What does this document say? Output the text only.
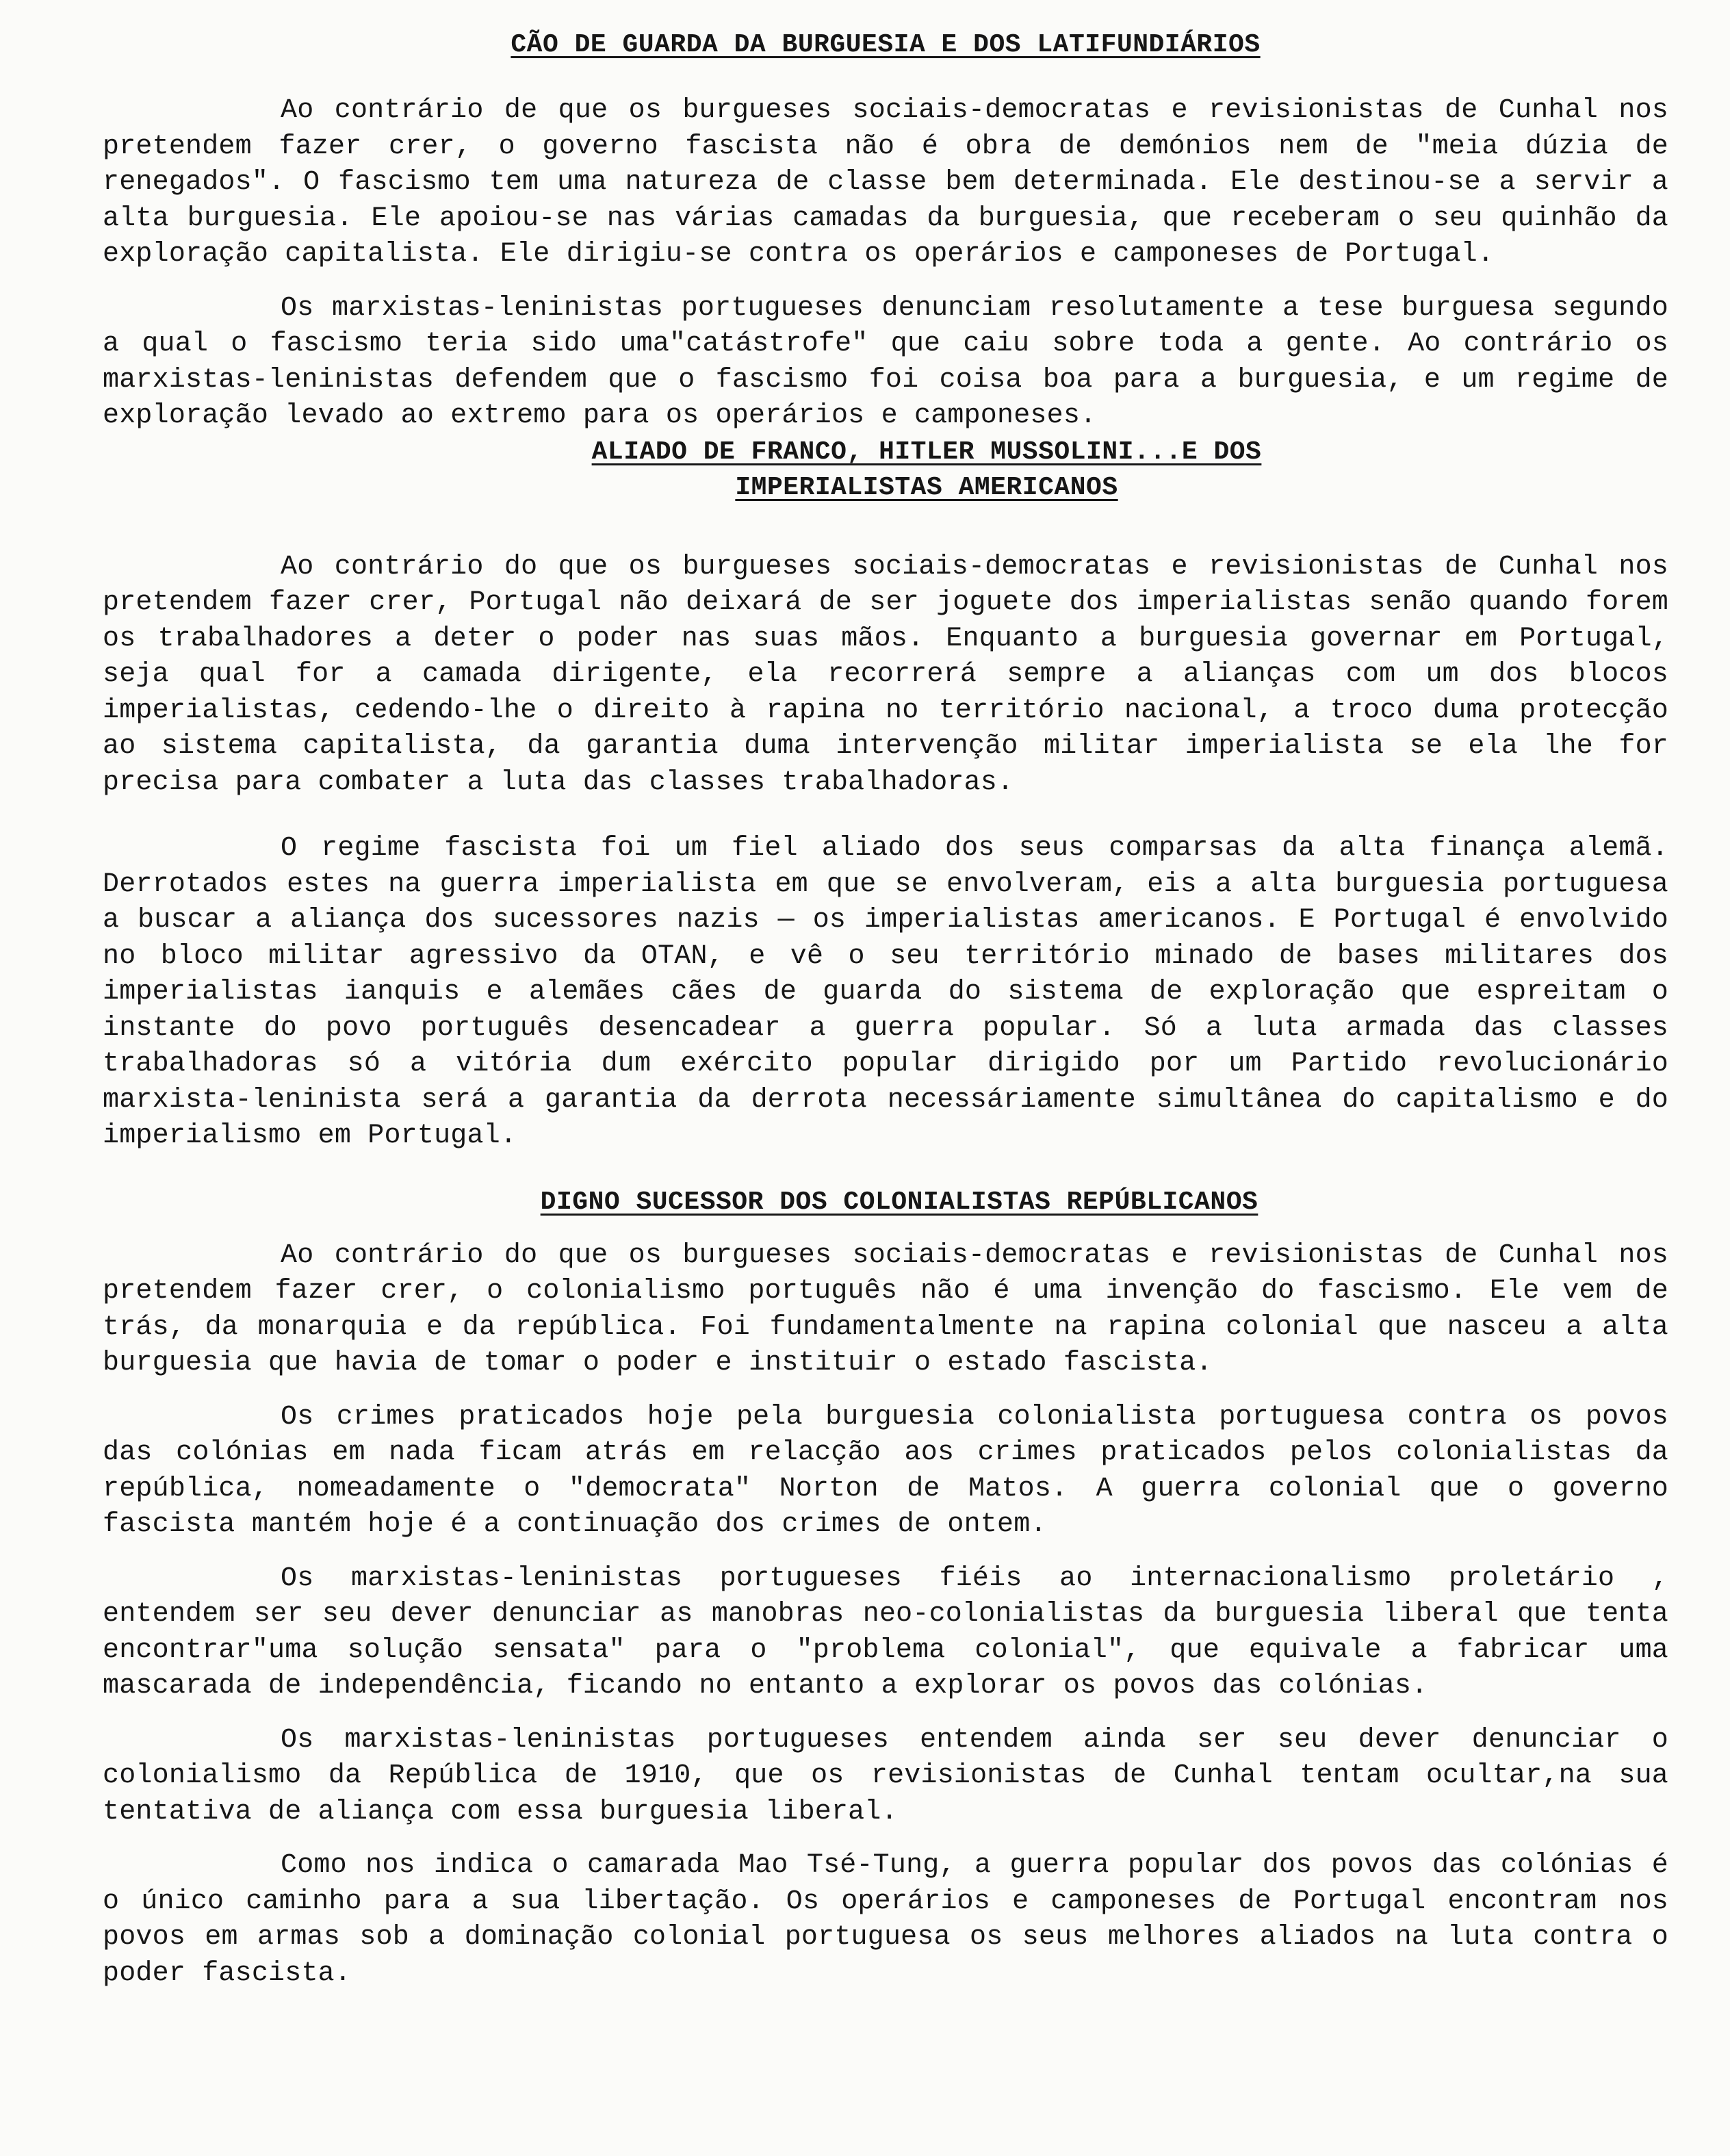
CÃO DE GUARDA DA BURGUESIA E DOS LATIFUNDIÁRIOS

Ao contrário de que os burgueses sociais-democratas e revisionistas de Cunhal nos pretendem fazer crer, o governo fascista não é obra de demónios nem de "meia dúzia de renegados". O fascismo tem uma natureza de classe bem determinada. Ele destinou-se a servir a alta burguesia. Ele apoiou-se nas várias camadas da burguesia, que receberam o seu quinhão da exploração capitalista. Ele dirigiu-se contra os operários e camponeses de Portugal.

Os marxistas-leninistas portugueses denunciam resolutamente a tese burguesa segundo a qual o fascismo teria sido uma"catástrofe" que caiu sobre toda a gente. Ao contrário os marxistas-leninistas defendem que o fascismo foi coisa boa para a burguesia, e um regime de exploração levado ao extremo para os operários e camponeses.

ALIADO DE FRANCO, HITLER MUSSOLINI...E DOS
IMPERIALISTAS AMERICANOS

Ao contrário do que os burgueses sociais-democratas e revisionistas de Cunhal nos pretendem fazer crer, Portugal não deixará de ser joguete dos imperialistas senão quando forem os trabalhadores a deter o poder nas suas mãos. Enquanto a burguesia governar em Portugal, seja qual for a camada dirigente, ela recorrerá sempre a alianças com um dos blocos imperialistas, cedendo-lhe o direito à rapina no território nacional, a troco duma protecção ao sistema capitalista, da garantia duma intervenção militar imperialista se ela lhe for precisa para combater a luta das classes trabalhadoras.

O regime fascista foi um fiel aliado dos seus comparsas da alta finança alemã. Derrotados estes na guerra imperialista em que se envolveram, eis a alta burguesia portuguesa a buscar a aliança dos sucessores nazis — os imperialistas americanos. E Portugal é envolvido no bloco militar agressivo da OTAN, e vê o seu território minado de bases militares dos imperialistas ianquis e alemães cães de guarda do sistema de exploração que espreitam o instante do povo português desencadear a guerra popular. Só a luta armada das classes trabalhadoras só a vitória dum exército popular dirigido por um Partido revolucionário marxista-leninista será a garantia da derrota necessáriamente simultânea do capitalismo e do imperialismo em Portugal.

DIGNO SUCESSOR DOS COLONIALISTAS REPÚBLICANOS

Ao contrário do que os burgueses sociais-democratas e revisionistas de Cunhal nos pretendem fazer crer, o colonialismo português não é uma invenção do fascismo. Ele vem de trás, da monarquia e da república. Foi fundamentalmente na rapina colonial que nasceu a alta burguesia que havia de tomar o poder e instituir o estado fascista.

Os crimes praticados hoje pela burguesia colonialista portuguesa contra os povos das colónias em nada ficam atrás em relacção aos crimes praticados pelos colonialistas da república, nomeadamente o "democrata" Norton de Matos. A guerra colonial que o governo fascista mantém hoje é a continuação dos crimes de ontem.

Os marxistas-leninistas portugueses fiéis ao internacionalismo proletário , entendem ser seu dever denunciar as manobras neo-colonialistas da burguesia liberal que tenta encontrar"uma solução sensata" para o "problema colonial", que equivale a fabricar uma mascarada de independência, ficando no entanto a explorar os povos das colónias.

Os marxistas-leninistas portugueses entendem ainda ser seu dever denunciar o colonialismo da República de 1910, que os revisionistas de Cunhal tentam ocultar,na sua tentativa de aliança com essa burguesia liberal.

Como nos indica o camarada Mao Tsé-Tung, a guerra popular dos povos das colónias é o único caminho para a sua libertação. Os operários e camponeses de Portugal encontram nos povos em armas sob a dominação colonial portuguesa os seus melhores aliados na luta contra o poder fascista.
